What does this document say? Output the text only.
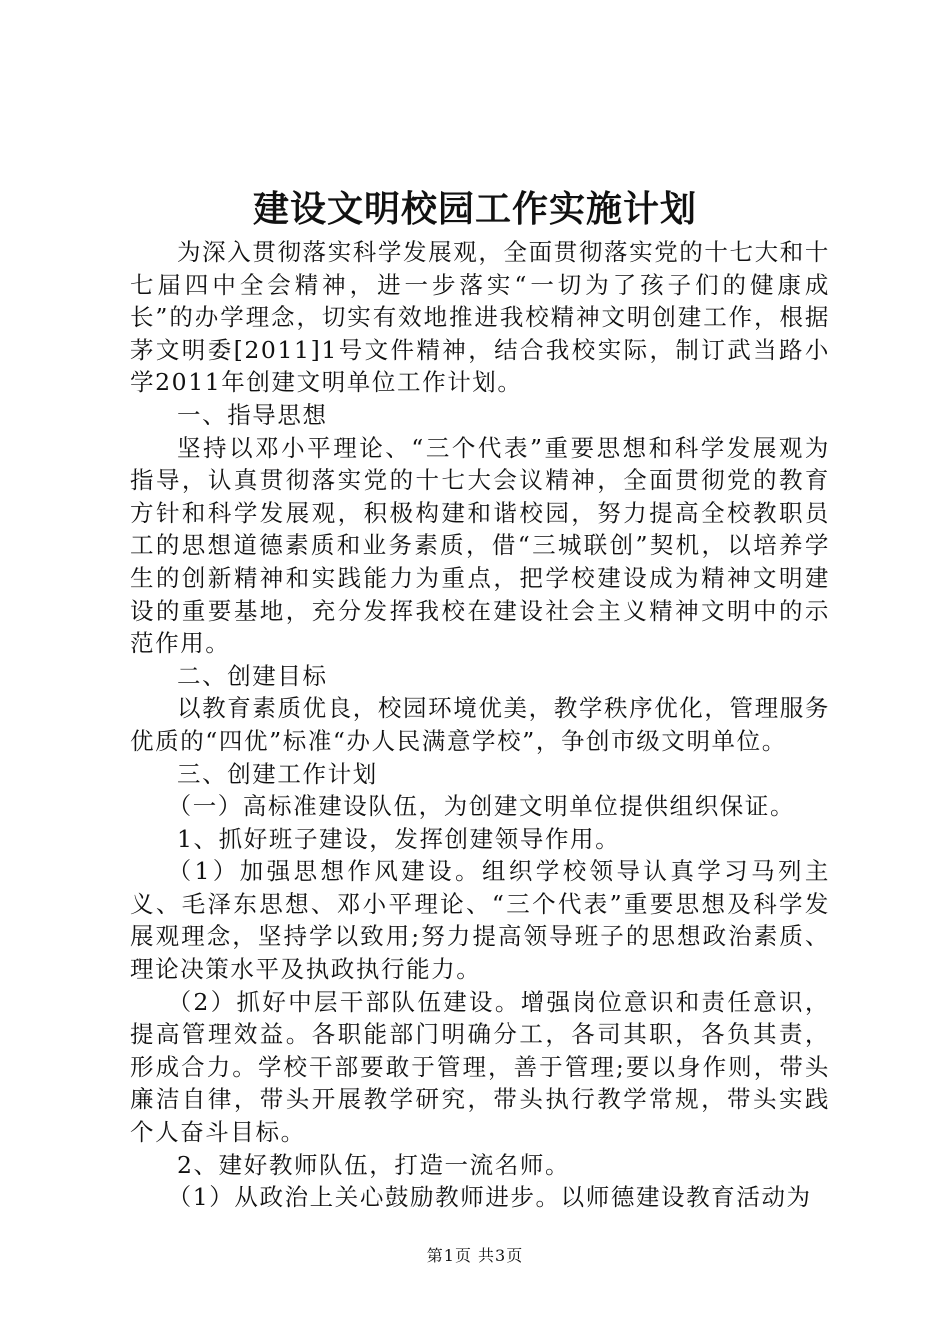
建设文明校园工作实施计划

为深入贯彻落实科学发展观，全面贯彻落实党的十七大和十七届四中全会精神，进一步落实“一切为了孩子们的健康成长”的办学理念，切实有效地推进我校精神文明创建工作，根据茅文明委[2011]1号文件精神，结合我校实际，制订武当路小学2011年创建文明单位工作计划。

一、指导思想

坚持以邓小平理论、“三个代表”重要思想和科学发展观为指导，认真贯彻落实党的十七大会议精神，全面贯彻党的教育方针和科学发展观，积极构建和谐校园，努力提高全校教职员工的思想道德素质和业务素质，借“三城联创”契机，以培养学生的创新精神和实践能力为重点，把学校建设成为精神文明建设的重要基地，充分发挥我校在建设社会主义精神文明中的示范作用。

二、创建目标

以教育素质优良，校园环境优美，教学秩序优化，管理服务优质的“四优”标准“办人民满意学校”，争创市级文明单位。

三、创建工作计划

（一）高标准建设队伍，为创建文明单位提供组织保证。

1、抓好班子建设，发挥创建领导作用。

（1）加强思想作风建设。组织学校领导认真学习马列主义、毛泽东思想、邓小平理论、“三个代表”重要思想及科学发展观理念，坚持学以致用;努力提高领导班子的思想政治素质、理论决策水平及执政执行能力。

（2）抓好中层干部队伍建设。增强岗位意识和责任意识，提高管理效益。各职能部门明确分工，各司其职，各负其责，形成合力。学校干部要敢于管理，善于管理;要以身作则，带头廉洁自律，带头开展教学研究，带头执行教学常规，带头实践个人奋斗目标。

2、建好教师队伍，打造一流名师。

（1）从政治上关心鼓励教师进步。以师德建设教育活动为

第1页 共3页
